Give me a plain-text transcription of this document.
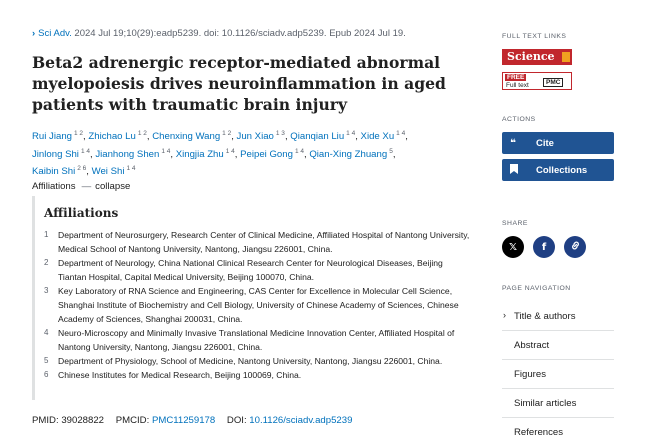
› Sci Adv. 2024 Jul 19;10(29):eadp5239. doi: 10.1126/sciadv.adp5239. Epub 2024 Jul 19.
Beta2 adrenergic receptor-mediated abnormal myelopoiesis drives neuroinflammation in aged patients with traumatic brain injury
Rui Jiang $^{1 2}$, Zhichao Lu $^{1 2}$, Chenxing Wang $^{1 2}$, Jun Xiao $^{1 3}$, Qianqian Liu $^{1 4}$, Xide Xu $^{1 4}$, Jinlong Shi $^{1 4}$, Jianhong Shen $^{1 4}$, Xingjia Zhu $^{1 4}$, Peipei Gong $^{1 4}$, Qian-Xing Zhuang $^5$, Kaibin Shi $^{2 6}$, Wei Shi $^{1 4}$
Affiliations — collapse
Affiliations
1	Department of Neurosurgery, Research Center of Clinical Medicine, Affiliated Hospital of Nantong University, Medical School of Nantong University, Nantong, Jiangsu 226001, China.
2	Department of Neurology, China National Clinical Research Center for Neurological Diseases, Beijing Tiantan Hospital, Capital Medical University, Beijing 100070, China.
3	Key Laboratory of RNA Science and Engineering, CAS Center for Excellence in Molecular Cell Science, Shanghai Institute of Biochemistry and Cell Biology, University of Chinese Academy of Sciences, Chinese Academy of Sciences, Shanghai 200031, China.
4	Neuro-Microscopy and Minimally Invasive Translational Medicine Innovation Center, Affiliated Hospital of Nantong University, Nantong, Jiangsu 226001, China.
5	Department of Physiology, School of Medicine, Nantong University, Nantong, Jiangsu 226001, China.
6	Chinese Institutes for Medical Research, Beijing 100069, China.
PMID: 39028822 PMCID: PMC11259178 DOI: 10.1126/sciadv.adp5239
FULL TEXT LINKS
Science
FREE
Full text	PMC
ACTIONS
❝	Cite
Collections
SHARE
𝕏 f
PAGE NAVIGATION
› Title & authors
Abstract
Figures
Similar articles
References
